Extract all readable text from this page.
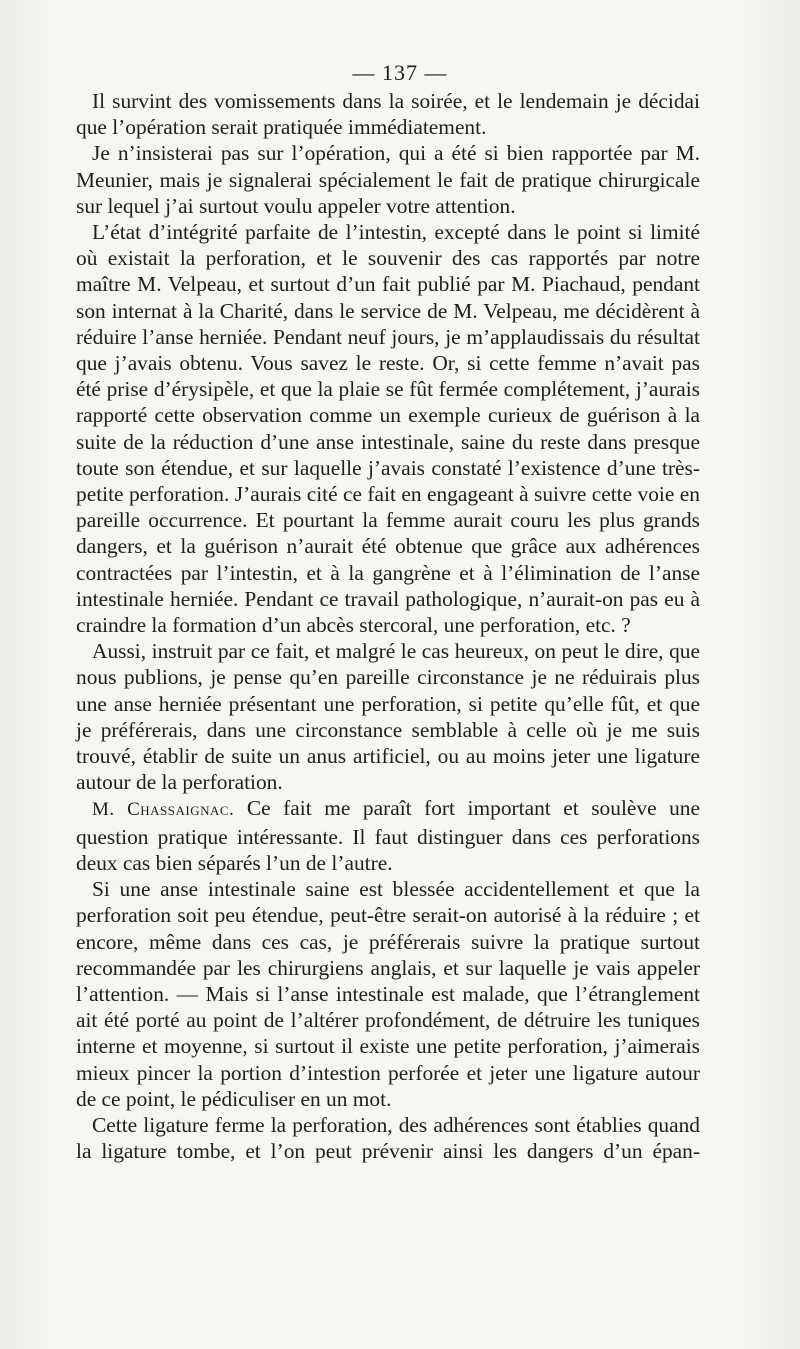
— 137 —

Il survint des vomissements dans la soirée, et le lendemain je décidai que l’opération serait pratiquée immédiatement.

Je n’insisterai pas sur l’opération, qui a été si bien rapportée par M. Meunier, mais je signalerai spécialement le fait de pratique chirurgicale sur lequel j’ai surtout voulu appeler votre attention.

L’état d’intégrité parfaite de l’intestin, excepté dans le point si limité où existait la perforation, et le souvenir des cas rapportés par notre maître M. Velpeau, et surtout d’un fait publié par M. Piachaud, pendant son internat à la Charité, dans le service de M. Velpeau, me décidèrent à réduire l’anse herniée. Pendant neuf jours, je m’applaudissais du résultat que j’avais obtenu. Vous savez le reste. Or, si cette femme n’avait pas été prise d’érysipèle, et que la plaie se fût fermée complétement, j’aurais rapporté cette observation comme un exemple curieux de guérison à la suite de la réduction d’une anse intestinale, saine du reste dans presque toute son étendue, et sur laquelle j’avais constaté l’existence d’une très-petite perforation. J’aurais cité ce fait en engageant à suivre cette voie en pareille occurrence. Et pourtant la femme aurait couru les plus grands dangers, et la guérison n’aurait été obtenue que grâce aux adhérences contractées par l’intestin, et à la gangrène et à l’élimination de l’anse intestinale herniée. Pendant ce travail pathologique, n’aurait-on pas eu à craindre la formation d’un abcès stercoral, une perforation, etc. ?

Aussi, instruit par ce fait, et malgré le cas heureux, on peut le dire, que nous publions, je pense qu’en pareille circonstance je ne réduirais plus une anse herniée présentant une perforation, si petite qu’elle fût, et que je préférerais, dans une circonstance semblable à celle où je me suis trouvé, établir de suite un anus artificiel, ou au moins jeter une ligature autour de la perforation.

M. Chassaignac. Ce fait me paraît fort important et soulève une question pratique intéressante. Il faut distinguer dans ces perforations deux cas bien séparés l’un de l’autre.

Si une anse intestinale saine est blessée accidentellement et que la perforation soit peu étendue, peut-être serait-on autorisé à la réduire ; et encore, même dans ces cas, je préférerais suivre la pratique surtout recommandée par les chirurgiens anglais, et sur laquelle je vais appeler l’attention. — Mais si l’anse intestinale est malade, que l’étranglement ait été porté au point de l’altérer profondément, de détruire les tuniques interne et moyenne, si surtout il existe une petite perforation, j’aimerais mieux pincer la portion d’intestion perforée et jeter une ligature autour de ce point, le pédiculiser en un mot.

Cette ligature ferme la perforation, des adhérences sont établies quand la ligature tombe, et l’on peut prévenir ainsi les dangers d’un épan-
